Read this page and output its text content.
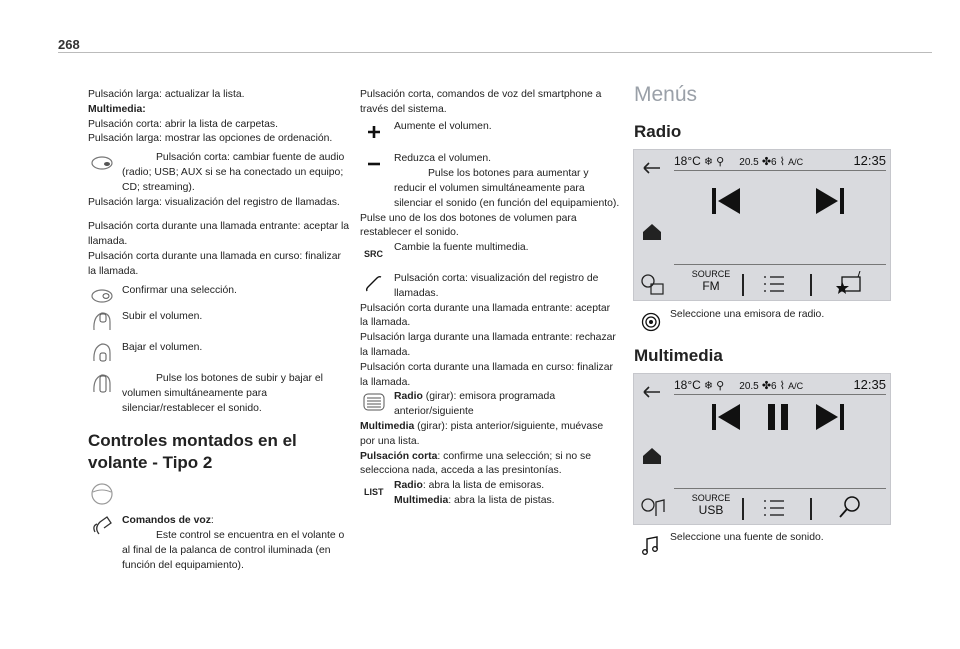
268

Pulsación larga: actualizar la lista.

Multimedia:

Pulsación corta: abrir la lista de carpetas.

Pulsación larga: mostrar las opciones de ordenación.

Pulsación corta: cambiar fuente de audio (radio; USB; AUX si se ha conectado un equipo; CD; streaming).

Pulsación larga: visualización del registro de llamadas.

Pulsación corta durante una llamada entrante: aceptar la llamada.

Pulsación corta durante una llamada en curso: finalizar la llamada.

Confirmar una selección.

Subir el volumen.

Bajar el volumen.

Pulse los botones de subir y bajar el volumen simultáneamente para silenciar/restablecer el sonido.

Controles montados en el volante - Tipo 2

Comandos de voz:

Este control se encuentra en el volante o al final de la palanca de control iluminada (en función del equipamiento).

Pulsación corta, comandos de voz del smartphone a través del sistema.

Aumente el volumen.

Reduzca el volumen.

Pulse los botones para aumentar y reducir el volumen simultáneamente para silenciar el sonido (en función del equipamiento).

Pulse uno de los dos botones de volumen para restablecer el sonido.

SRC

Cambie la fuente multimedia.

Pulsación corta: visualización del registro de llamadas.

Pulsación corta durante una llamada entrante: aceptar la llamada.

Pulsación larga durante una llamada entrante: rechazar la llamada.

Pulsación corta durante una llamada en curso: finalizar la llamada.

Radio (girar): emisora programada anterior/siguiente

Multimedia (girar): pista anterior/siguiente, muévase por una lista.

Pulsación corta: confirme una selección; si no se selecciona nada, acceda a las presintonías.

LIST

Radio: abra la lista de emisoras.

Multimedia: abra la lista de pistas.

Menús
Radio
18°C ❄ ⚲ 20.5 ✤6 ⌇ A/C	12:35
SOURCE
FM
Seleccione una emisora de radio.
Multimedia
18°C ❄ ⚲ 20.5 ✤6 ⌇ A/C	12:35
SOURCE
USB
Seleccione una fuente de sonido.
